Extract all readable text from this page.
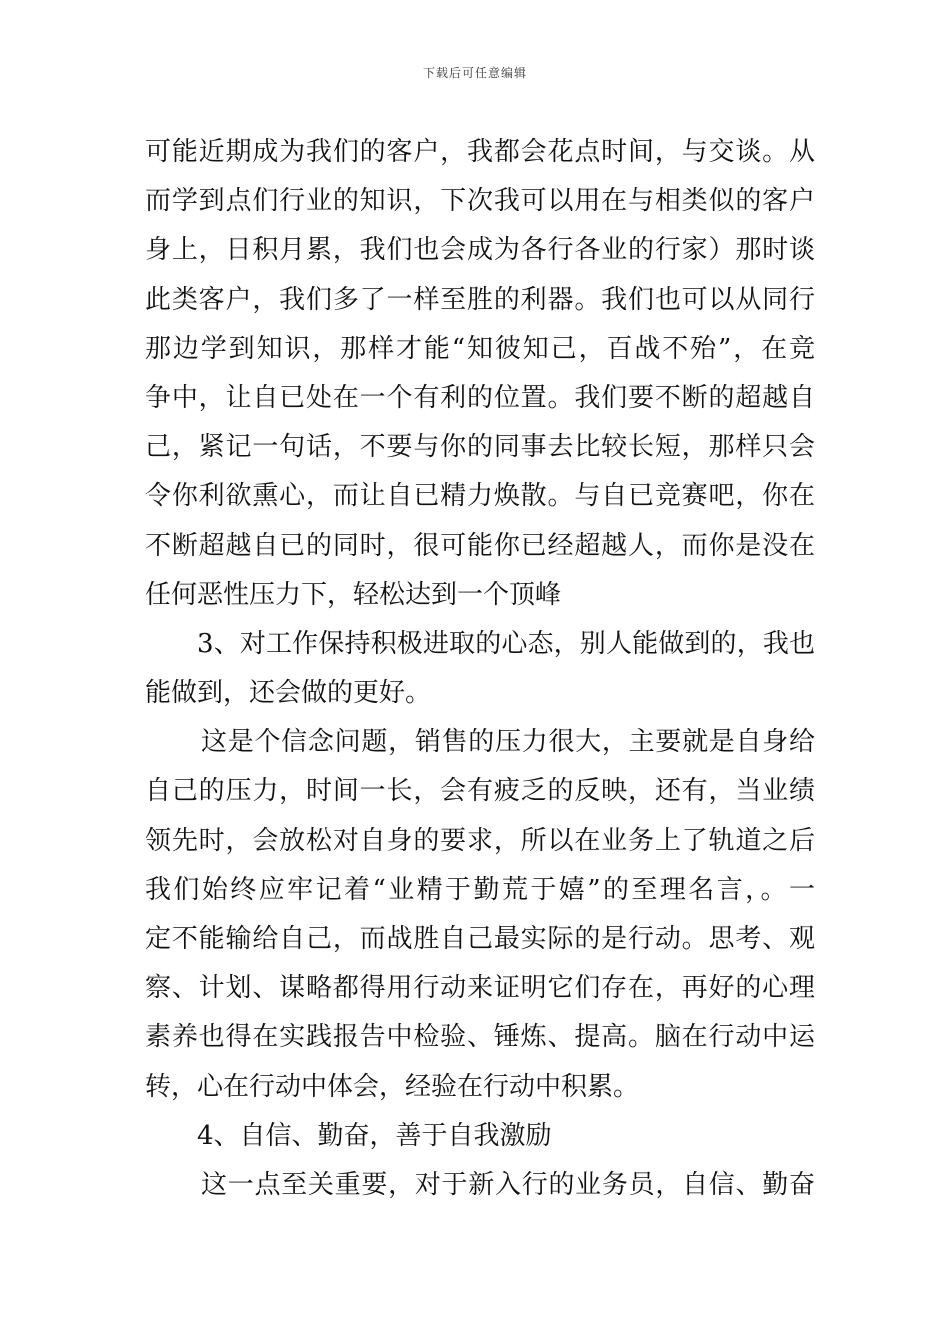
下载后可任意编辑
可能近期成为我们的客户，我都会花点时间，与交谈。从
而学到点们行业的知识，下次我可以用在与相类似的客户
身上，日积月累，我们也会成为各行各业的行家）那时谈
此类客户，我们多了一样至胜的利器。我们也可以从同行
那边学到知识，那样才能“知彼知己，百战不殆”，在竞
争中，让自已处在一个有利的位置。我们要不断的超越自
己，紧记一句话，不要与你的同事去比较长短，那样只会
令你利欲熏心，而让自已精力焕散。与自已竞赛吧，你在
不断超越自已的同时，很可能你已经超越人，而你是没在
任何恶性压力下，轻松达到一个顶峰
3、对工作保持积极进取的心态，别人能做到的，我也
能做到，还会做的更好。
这是个信念问题，销售的压力很大，主要就是自身给
自己的压力，时间一长，会有疲乏的反映，还有，当业绩
领先时，会放松对自身的要求，所以在业务上了轨道之后
我们始终应牢记着“业精于勤荒于嬉”的至理名言，。一
定不能输给自己，而战胜自己最实际的是行动。思考、观
察、计划、谋略都得用行动来证明它们存在，再好的心理
素养也得在实践报告中检验、锤炼、提高。脑在行动中运
转，心在行动中体会，经验在行动中积累。
4、自信、勤奋，善于自我激励
这一点至关重要，对于新入行的业务员，自信、勤奋
